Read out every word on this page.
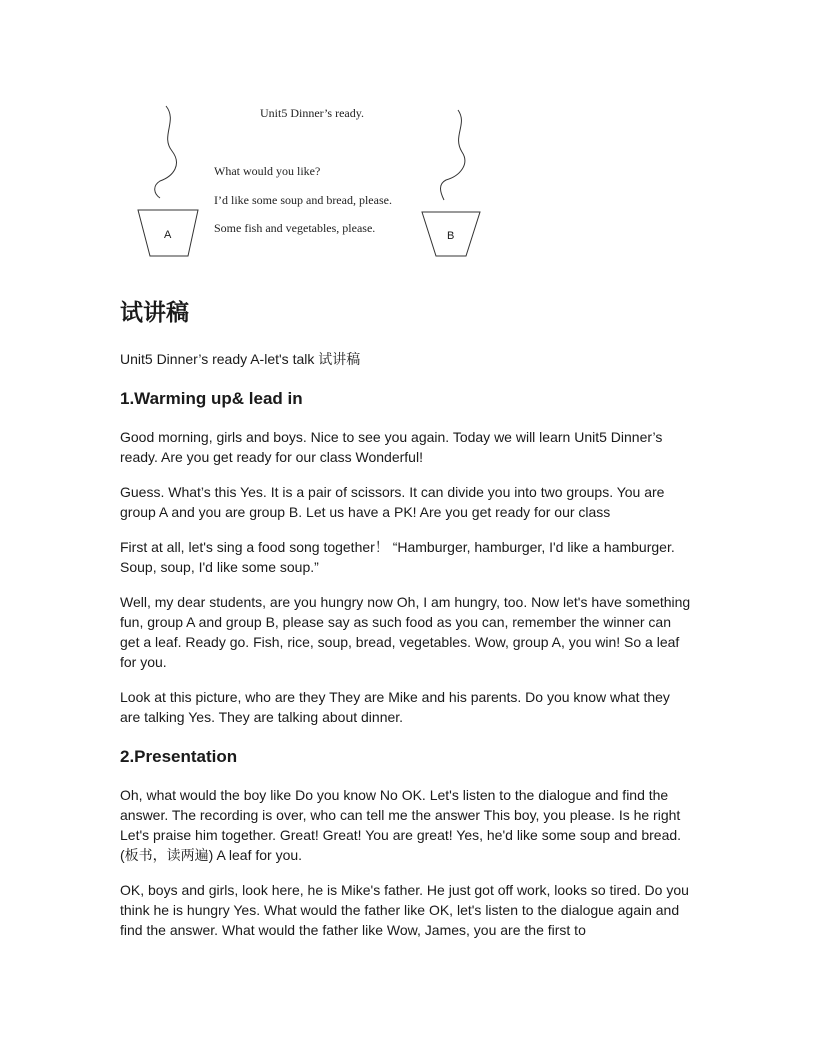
Unit5 Dinner’s ready.
What would you like?
I’d like some soup and bread, please.
Some fish and vegetables, please.
A	B
试讲稿
Unit5 Dinner’s ready A-let's talk 试讲稿
1.Warming up& lead in

Good morning, girls and boys. Nice to see you again. Today we will learn Unit5 Dinner’s ready. Are you get ready for our class Wonderful!

Guess. What’s this Yes. It is a pair of scissors. It can divide you into two groups. You are group A and you are group B. Let us have a PK! Are you get ready for our class

First at all, let's sing a food song together！ “Hamburger, hamburger, I'd like a hamburger. Soup, soup, I'd like some soup.”

Well, my dear students, are you hungry now Oh, I am hungry, too. Now let's have something fun, group A and group B, please say as such food as you can, remember the winner can get a leaf. Ready go. Fish, rice, soup, bread, vegetables. Wow, group A, you win! So a leaf for you.

Look at this picture, who are they They are Mike and his parents. Do you know what they are talking Yes. They are talking about dinner.

2.Presentation

Oh, what would the boy like Do you know No OK. Let's listen to the dialogue and find the answer. The recording is over, who can tell me the answer This boy, you please. Is he right Let's praise him together. Great! Great! You are great! Yes, he'd like some soup and bread. (板书，读两遍) A leaf for you.

OK, boys and girls, look here, he is Mike's father. He just got off work, looks so tired. Do you think he is hungry Yes. What would the father like OK, let's listen to the dialogue again and find the answer. What would the father like Wow, James, you are the first to
